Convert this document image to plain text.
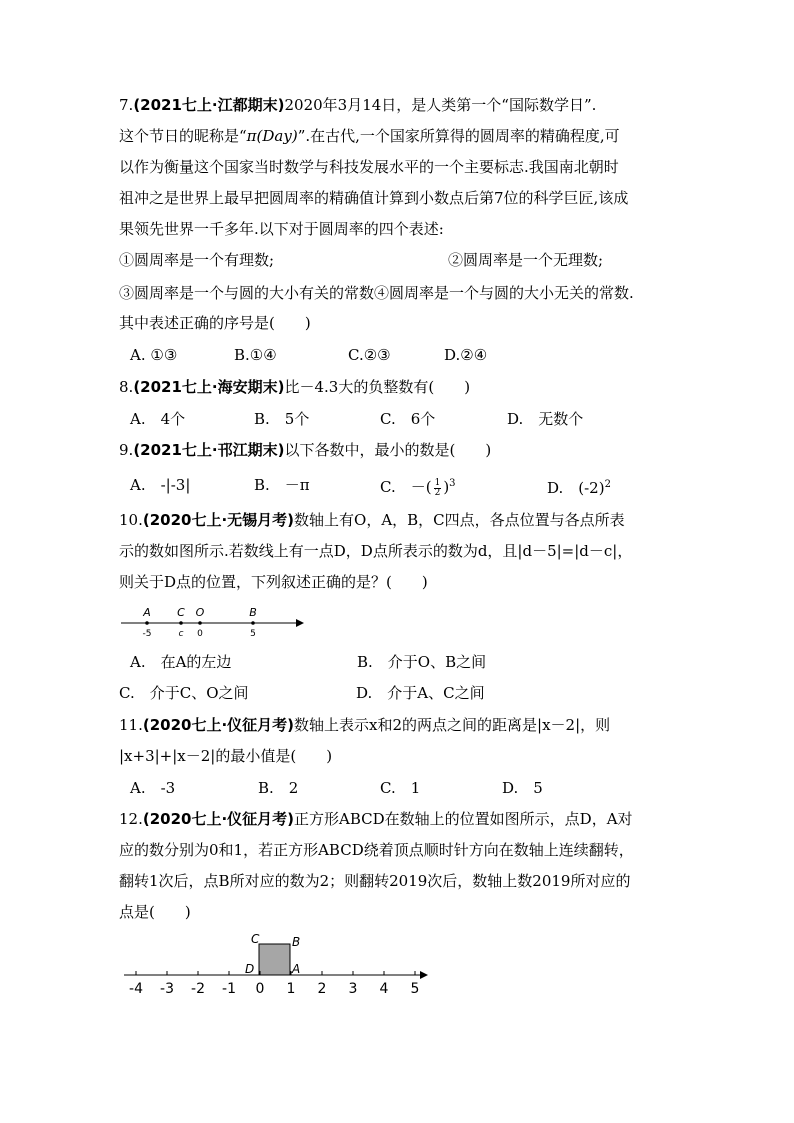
7.(2021七上·江都期末)2020年3月14日，是人类第一个“国际数学日”.
这个节日的昵称是“π(Day)”.在古代,一个国家所算得的圆周率的精确程度,可
以作为衡量这个国家当时数学与科技发展水平的一个主要标志.我国南北朝时
祖冲之是世界上最早把圆周率的精确值计算到小数点后第7位的科学巨匠,该成
果领先世界一千多年.以下对于圆周率的四个表述:
①圆周率是一个有理数;	②圆周率是一个无理数;
③圆周率是一个与圆的大小有关的常数④圆周率是一个与圆的大小无关的常数.
其中表述正确的序号是(　　)
A. ①③	B.①④	C.②③	D.②④
8.(2021七上·海安期末)比－4.3大的负整数有(　　)
A.　4个	B.　5个	C.　6个	D.　无数个
9.(2021七上·邗江期末)以下各数中，最小的数是(　　)
A.　-|-3|	B.　－π	C.　－( $\frac{1}{2} )^3$	D.　$(-2)^2$
10.(2020七上·无锡月考)数轴上有O，A，B，C四点，各点位置与各点所表
示的数如图所示.若数线上有一点D，D点所表示的数为d，且|d－5|=|d－c|，
则关于D点的位置，下列叙述正确的是？(　　)
A C O	B
-5	c 0	5
A.　在A的左边	B.　介于O、B之间
C.　介于C、O之间	D.　介于A、C之间
11.(2020七上·仪征月考)数轴上表示x和2的两点之间的距离是|x－2|，则
|x+3|+|x－2|的最小值是(　　)
A.　-3	B.　2	C.　1	D.　5
12.(2020七上·仪征月考)正方形ABCD在数轴上的位置如图所示，点D，A对
应的数分别为0和1，若正方形ABCD绕着顶点顺时针方向在数轴上连续翻转，
翻转1次后，点B所对应的数为2；则翻转2019次后，数轴上数2019所对应的
点是(　　)
C	B
D	A
-4 -3 -2 -1 0 1 2 3 4 5
